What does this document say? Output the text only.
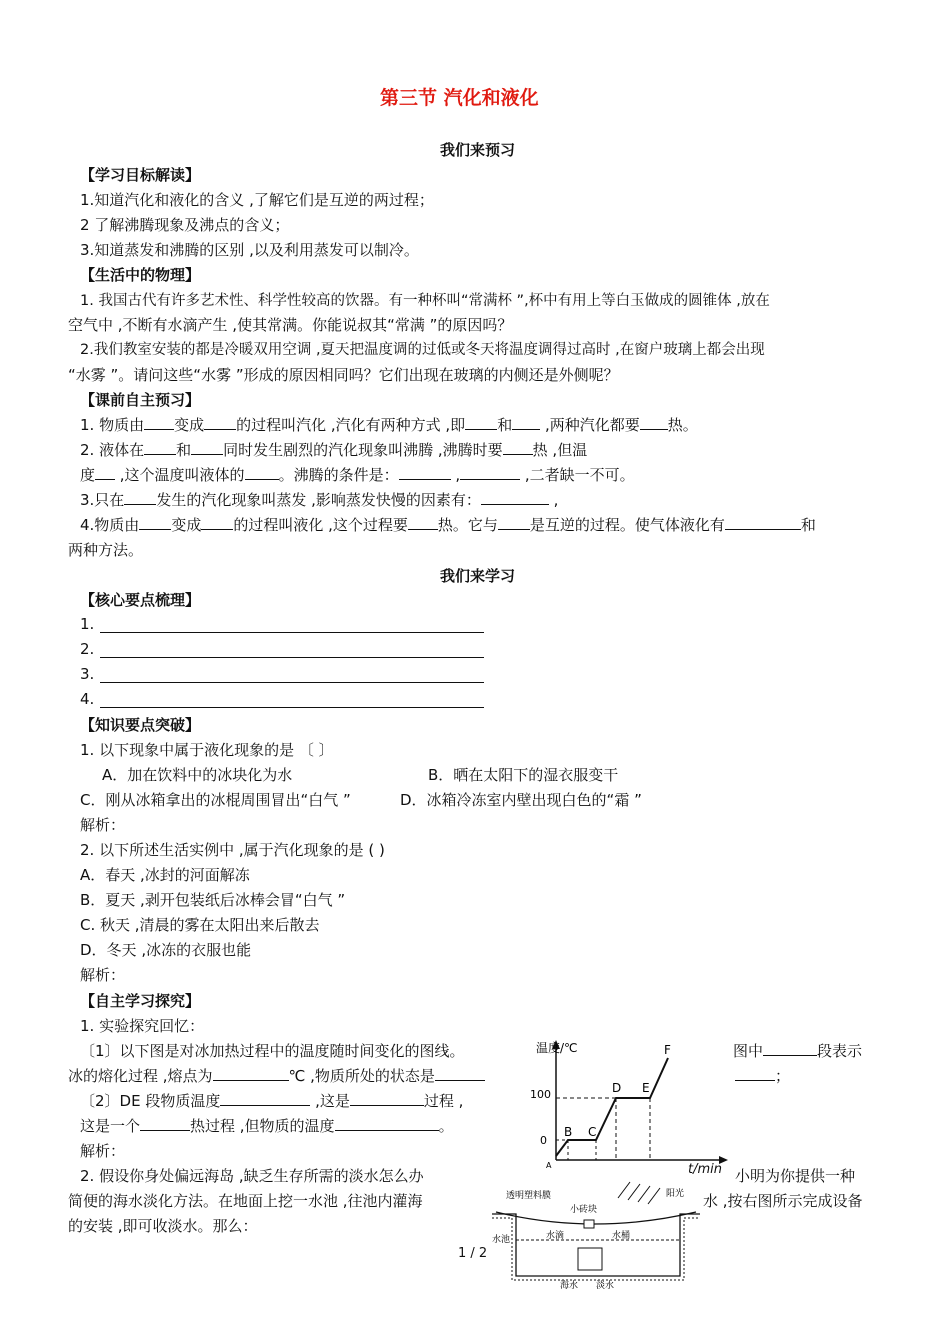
第三节 汽化和液化
我们来预习
【学习目标解读】
1.知道汽化和液化的含义 ,了解它们是互逆的两过程；
2 了解沸腾现象及沸点的含义；
3.知道蒸发和沸腾的区别 ,以及利用蒸发可以制冷。
【生活中的物理】
1. 我国古代有许多艺术性、科学性较高的饮器。有一种杯叫“常满杯 ”,杯中有用上等白玉做成的圆锥体 ,放在
空气中 ,不断有水滴产生 ,使其常满。你能说叔其“常满 ”的原因吗？
2.我们教室安装的都是冷暖双用空调 ,夏天把温度调的过低或冬天将温度调得过高时 ,在窗户玻璃上都会出现
“水雾 ”。请问这些“水雾 ”形成的原因相同吗？它们出现在玻璃的内侧还是外侧呢？
【课前自主预习】
1. 物质由 变成 的过程叫汽化 ,汽化有两种方式 ,即 和 ,两种汽化都要 热。
2. 液体在 和 同时发生剧烈的汽化现象叫沸腾 ,沸腾时要 热 ,但温
度 ,这个温度叫液体的 。沸腾的条件是：	,	,二者缺一不可。
3.只在 发生的汽化现象叫蒸发 ,影响蒸发快慢的因素有：	,
4.物质由 变成 的过程叫液化 ,这个过程要 热。它与 是互逆的过程。使气体液化有	和
两种方法。
我们来学习
【核心要点梳理】
1.
2.
3.
4.
【知识要点突破】
1. 以下现象中属于液化现象的是 〔 〕
A．加在饮料中的冰块化为水	B．晒在太阳下的湿衣服变干
C．刚从冰箱拿出的冰棍周围冒出“白气 ”	D．冰箱冷冻室内壁出现白色的“霜 ”
解析：
2. 以下所述生活实例中 ,属于汽化现象的是 ( )
A．春天 ,冰封的河面解冻
B．夏天 ,剥开包装纸后冰棒会冒“白气 ”
C. 秋天 ,清晨的雾在太阳出来后散去
D．冬天 ,冰冻的衣服也能
解析：
【自主学习探究】
1. 实验探究回忆：
〔1〕以下图是对冰加热过程中的温度随时间变化的图线。	图中	段表示
冰的熔化过程 ,熔点为	℃ ,物质所处的状态是	；
〔2〕DE 段物质温度	,这是	过程 ,
这是一个	热过程 ,但物质的温度	。
解析：
2. 假设你身处偏远海岛 ,缺乏生存所需的淡水怎么办	小明为你提供一种
简便的海水淡化方法。在地面上挖一水池 ,往池内灌海	水 ,按右图所示完成设备
的安装 ,即可收淡水。那么：
温度/℃
100
0
A
B C
D E
F
t/min
透明塑料膜
小砖块
阳光
水池	水滴	水桶
海水 淡水
1 / 2
